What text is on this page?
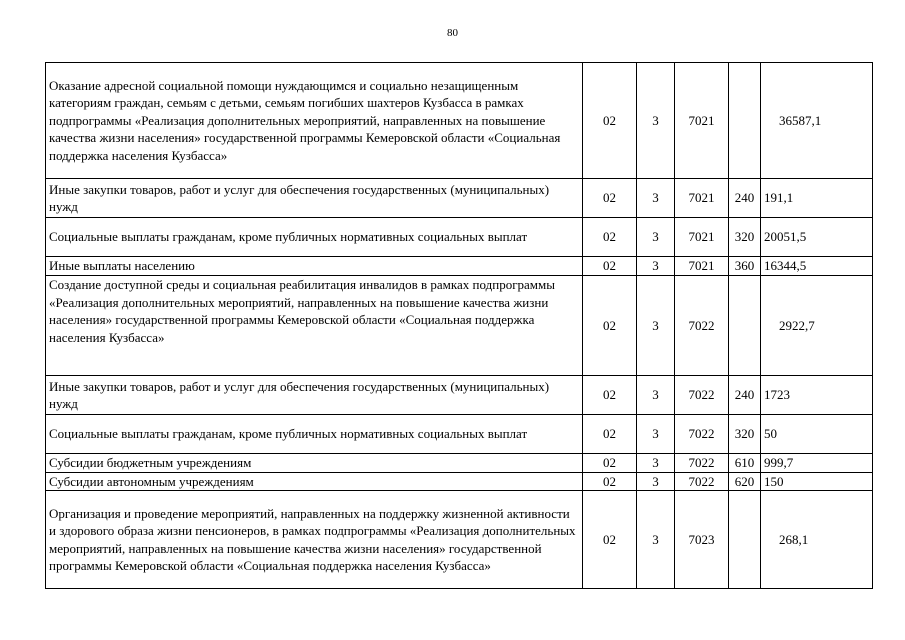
80
Оказание адресной социальной помощи нуждающимся и социально незащищенным категориям граждан, семьям с детьми, семьям погибших шахтеров Кузбасса в рамках подпрограммы «Реализация дополнительных мероприятий, направленных на повышение качества жизни населения» государственной программы Кемеровской области «Социальная поддержка населения Кузбасса»	02	3	7021		36587,1
Иные закупки товаров, работ и услуг для обеспечения государственных (муниципальных) нужд	02	3	7021	240	191,1
Социальные выплаты гражданам, кроме публичных нормативных социальных выплат	02	3	7021	320	20051,5
Иные выплаты населению	02	3	7021	360	16344,5
Создание доступной среды и социальная реабилитация инвалидов в рамках подпрограммы «Реализация дополнительных мероприятий, направленных на повышение качества жизни населения» государственной программы Кемеровской области «Социальная поддержка населения Кузбасса»	02	3	7022		2922,7
Иные закупки товаров, работ и услуг для обеспечения государственных (муниципальных) нужд	02	3	7022	240	1723
Социальные выплаты гражданам, кроме публичных нормативных социальных выплат	02	3	7022	320	50
Субсидии бюджетным учреждениям	02	3	7022	610	999,7
Субсидии автономным учреждениям	02	3	7022	620	150
Организация и проведение мероприятий, направленных на поддержку жизненной активности и здорового образа жизни пенсионеров, в рамках подпрограммы «Реализация дополнительных мероприятий, направленных на повышение качества жизни населения» государственной программы Кемеровской области «Социальная поддержка населения Кузбасса»	02	3	7023		268,1
